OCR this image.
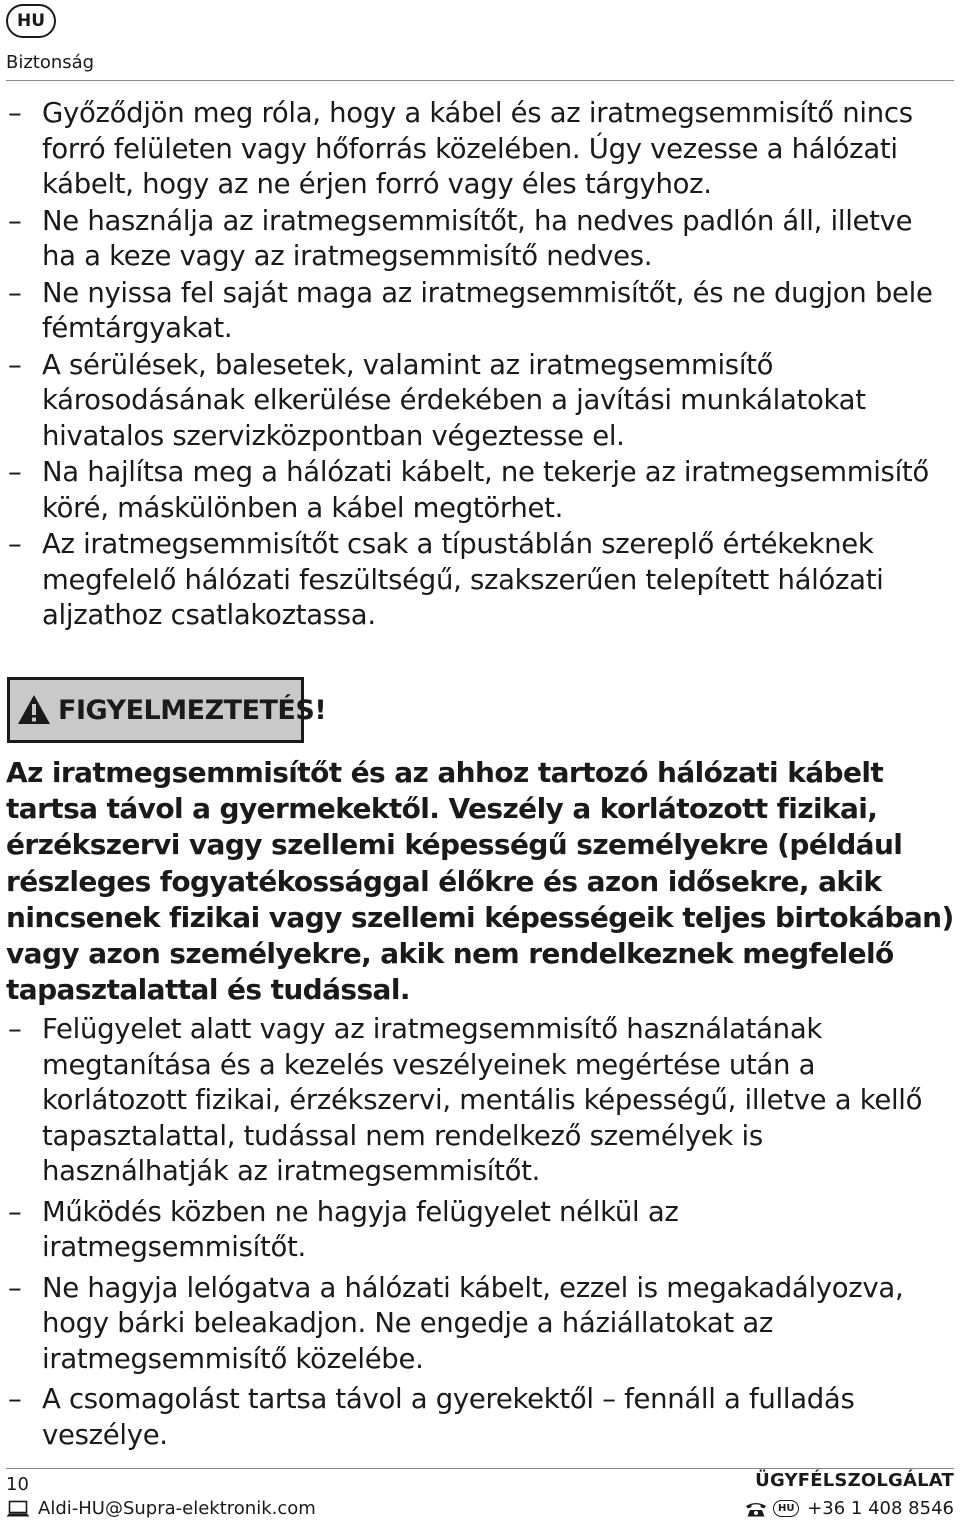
HU
Biztonság
– Győződjön meg róla, hogy a kábel és az iratmegsemmisítő nincs forró felületen vagy hőforrás közelében. Úgy vezesse a hálózati kábelt, hogy az ne érjen forró vagy éles tárgyhoz.
– Ne használja az iratmegsemmisítőt, ha nedves padlón áll, illetve ha a keze vagy az iratmegsemmisítő nedves.
– Ne nyissa fel saját maga az iratmegsemmisítőt, és ne dugjon bele fémtárgyakat.
– A sérülések, balesetek, valamint az iratmegsemmisítő károsodásának elkerülése érdekében a javítási munkálatokat hivatalos szervizközpontban végeztesse el.
– Na hajlítsa meg a hálózati kábelt, ne tekerje az iratmegsemmisítő köré, máskülönben a kábel megtörhet.
– Az iratmegsemmisítőt csak a típustáblán szereplő értékeknek megfelelő hálózati feszültségű, szakszerűen telepített hálózati aljzathoz csatlakoztassa.
FIGYELMEZTETÉS!
Az iratmegsemmisítőt és az ahhoz tartozó hálózati kábelt tartsa távol a gyermekektől. Veszély a korlátozott fizikai, érzékszervi vagy szellemi képességű személyekre (például részleges fogyatékossággal élőkre és azon idősekre, akik nincsenek fizikai vagy szellemi képességeik teljes birtokában) vagy azon személyekre, akik nem rendelkeznek megfelelő tapasztalattal és tudással.
– Felügyelet alatt vagy az iratmegsemmisítő használatának megtanítása és a kezelés veszélyeinek megértése után a korlátozott fizikai, érzékszervi, mentális képességű, illetve a kellő tapasztalattal, tudással nem rendelkező személyek is használhatják az iratmegsemmisítőt.
– Működés közben ne hagyja felügyelet nélkül az iratmegsemmisítőt.
– Ne hagyja lelógatva a hálózati kábelt, ezzel is megakadályozva, hogy bárki beleakadjon. Ne engedje a háziállatokat az iratmegsemmisítő közelébe.
– A csomagolást tartsa távol a gyerekektől – fennáll a fulladás veszélye.
10	ÜGYFÉLSZOLGÁLAT
Aldi-HU@Supra-elektronik.com	HU +36 1 408 8546
